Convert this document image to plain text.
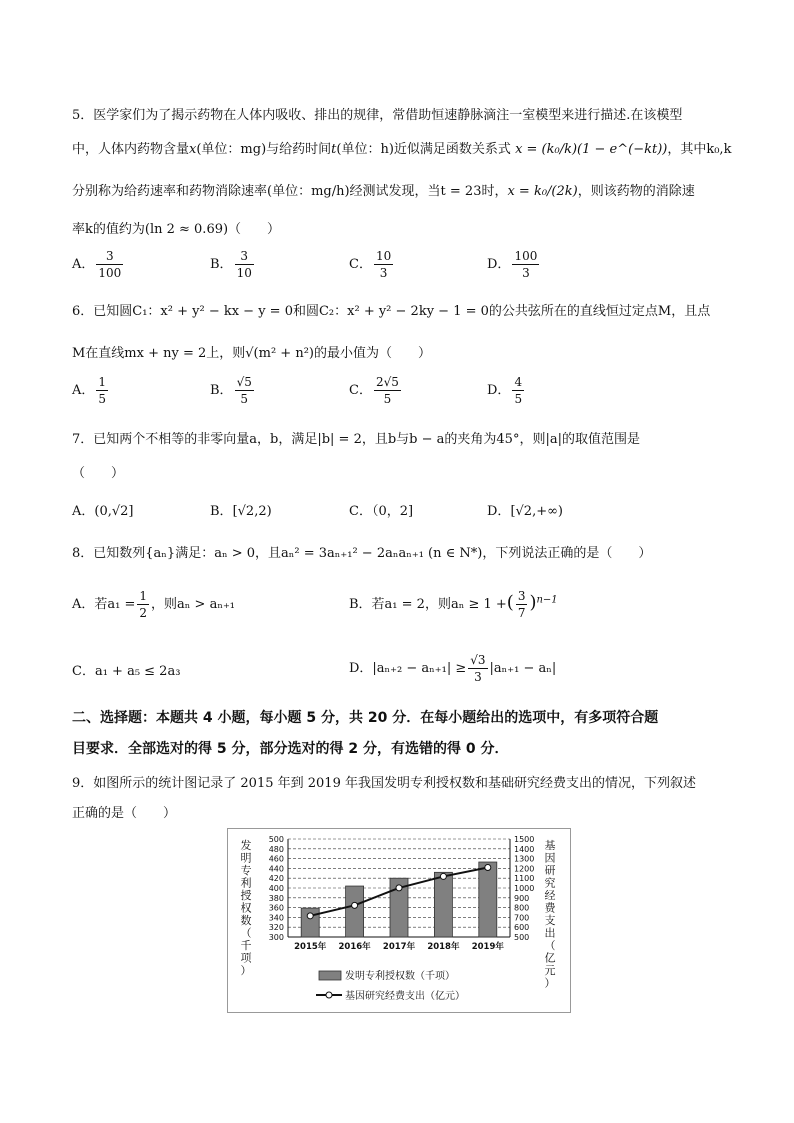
5．医学家们为了揭示药物在人体内吸收、排出的规律，常借助恒速静脉滴注一室模型来进行描述.在该模型
中，人体内药物含量x(单位：mg)与给药时间t(单位：h)近似满足函数关系式 x = (k₀/k)(1 − e^(−kt))，其中k₀,k
分别称为给药速率和药物消除速率(单位：mg/h)经测试发现，当t = 23时，x = k₀/(2k)，则该药物的消除速
率k的值约为(ln 2 ≈ 0.69)（　　）
A． $\frac{3}{100}$	B． $\frac{3}{10}$	C． $\frac{10}{3}$	D． $\frac{100}{3}$
6．已知圆C₁：x² + y² − kx − y = 0和圆C₂：x² + y² − 2ky − 1 = 0的公共弦所在的直线恒过定点M，且点
M在直线mx + ny = 2上，则√(m² + n²)的最小值为（　　）
A． $\frac{1}{5}$	B． $\frac{√5}{5}$	C． $\frac{2√5}{5}$	D． $\frac{4}{5}$
7．已知两个不相等的非零向量a，b，满足|b| = 2，且b与b − a的夹角为45°，则|a|的取值范围是
（　　）
A．(0,√2]	B．[√2,2)	C．（0，2]	D．[√2,+∞)
8．已知数列{aₙ}满足：aₙ > 0，且aₙ² = 3aₙ₊₁² − 2aₙaₙ₊₁ (n ∈ N*)，下列说法正确的是（　　）
A．若$a_1 = \frac{1}{2}$ ，则aₙ > aₙ₊₁	B．若a₁ = 2，则aₙ ≥ 1 +( $\frac{3}{7} )^{n-1}$
C．a₁ + a₅ ≤ 2a₃	D．$|a_{n+2} - a_{n+1}| \ge \frac{√3}{3} |a_{n+1} - a_n|$
二、选择题：本题共 4 小题，每小题 5 分，共 20 分．在每小题给出的选项中，有多项符合题
目要求．全部选对的得 5 分，部分选对的得 2 分，有选错的得 0 分．
9．如图所示的统计图记录了 2015 年到 2019 年我国发明专利授权数和基础研究经费支出的情况，下列叙述
正确的是（　　）
300
320
340
360
380
400
420
440
460
480
500
500
600
700
800
900
1000
1100
1200
1300
1400
1500
2015年 2016年 2017年 2018年 2019年
发明专利授权数（千项）
基因研究经费支出（亿元）
发明专利授权数（千项）
基因研究经费支出（亿元）
